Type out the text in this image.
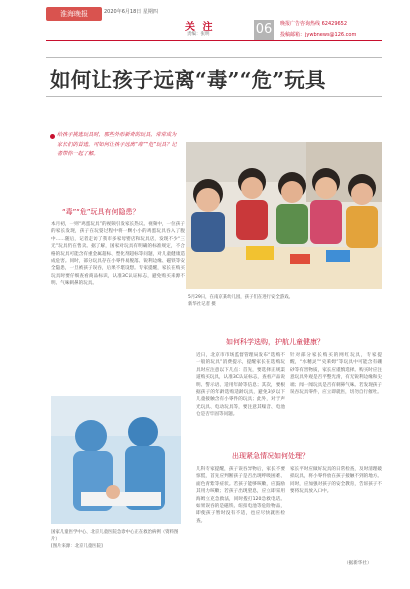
淮海晚报	2020年6月18日 星期四
关 注
责编：张明	06	晚报广告咨询热线 62429652
投稿邮箱：jywbnews@126.com
如何让孩子远离“毒”“危”玩具
给孩子挑选玩具时，那些外形新奇的玩具，常常成为家长们的首选。可如何让孩子远离“毒”“危”玩具？记者带你一起了解。
“毒”“危”玩具有何隐患？
本月初，一则“鸡蛋玩具”的视频引发家长热议。视频中，一位孩子的家长发现，孩子在玩耍过程中将一颗小小的鸡蛋玩具吞入了腹中……随后，记者走访了我市多家母婴店和玩具店，发现不少“三无”玩具仍在售卖。据了解，国家对玩具有明确的标准规定，不合格的玩具可能含有重金属超标、塑化剂超标等问题，对儿童健康造成危害。同时，部分玩具存在小零件易脱落、锐利边缘、磁铁等安全隐患，一旦被孩子误吞，后果不堪设想。专家提醒，家长在购买玩具时要仔细查看商品标识，认准3C认证标志，避免购买来源不明、气味刺鼻的玩具。
5月29日，在南京某幼儿园，孩子们在进行安全游戏。
新华社记者 摄
如何科学选购，护航儿童健康？
近日，北京市市场监督管理局发布“选购不一般的玩具”消费提示，提醒家长在选购玩具时应注意以下几点：首先，要选择正规渠道购买玩具，认准3C认证标志，查看产品说明、警示语、适用年龄等信息；其次，要根据孩子的年龄选购适龄玩具，避免3岁以下儿童接触含有小零件的玩具；此外，对于声光玩具、电动玩具等，要注意其噪音、电池仓是否牢固等问题。
针对部分家长购买的网红玩具，专家提醒，“水精灵”“史莱姆”等玩具中可能含有硼砂等有害物质，家长应谨慎选择。购买时应注意玩具外观是否平整光滑，有无锐利边缘和尖端；闻一闻玩具是否有刺鼻气味。若发现孩子误吞玩具零件，应立即就医，切勿自行催吐。
国家儿童医学中心、北京儿童医院急诊中心正在救治病例（资料图片）
[图片来源：北京儿童医院]
出现紧急情况如何处理？
儿科专家提醒，孩子误吞异物后，家长不要惊慌，首先应判断孩子是否出现呼吸困难、面色青紫等症状。若孩子能够咳嗽，应鼓励其用力咳嗽；若孩子出现窒息，应立即采用海姆立克急救法，同时拨打120急救电话。如果误吞的是磁铁、纽扣电池等危险物品，即使孩子暂时没有不适，也应尽快就医检查。
家长平时应做好玩具的日常检查，及时清理破损玩具，将小零件放在孩子接触不到的地方。同时，应加强对孩子的安全教育，告诉孩子不要将玩具放入口中。
（据新华社）
